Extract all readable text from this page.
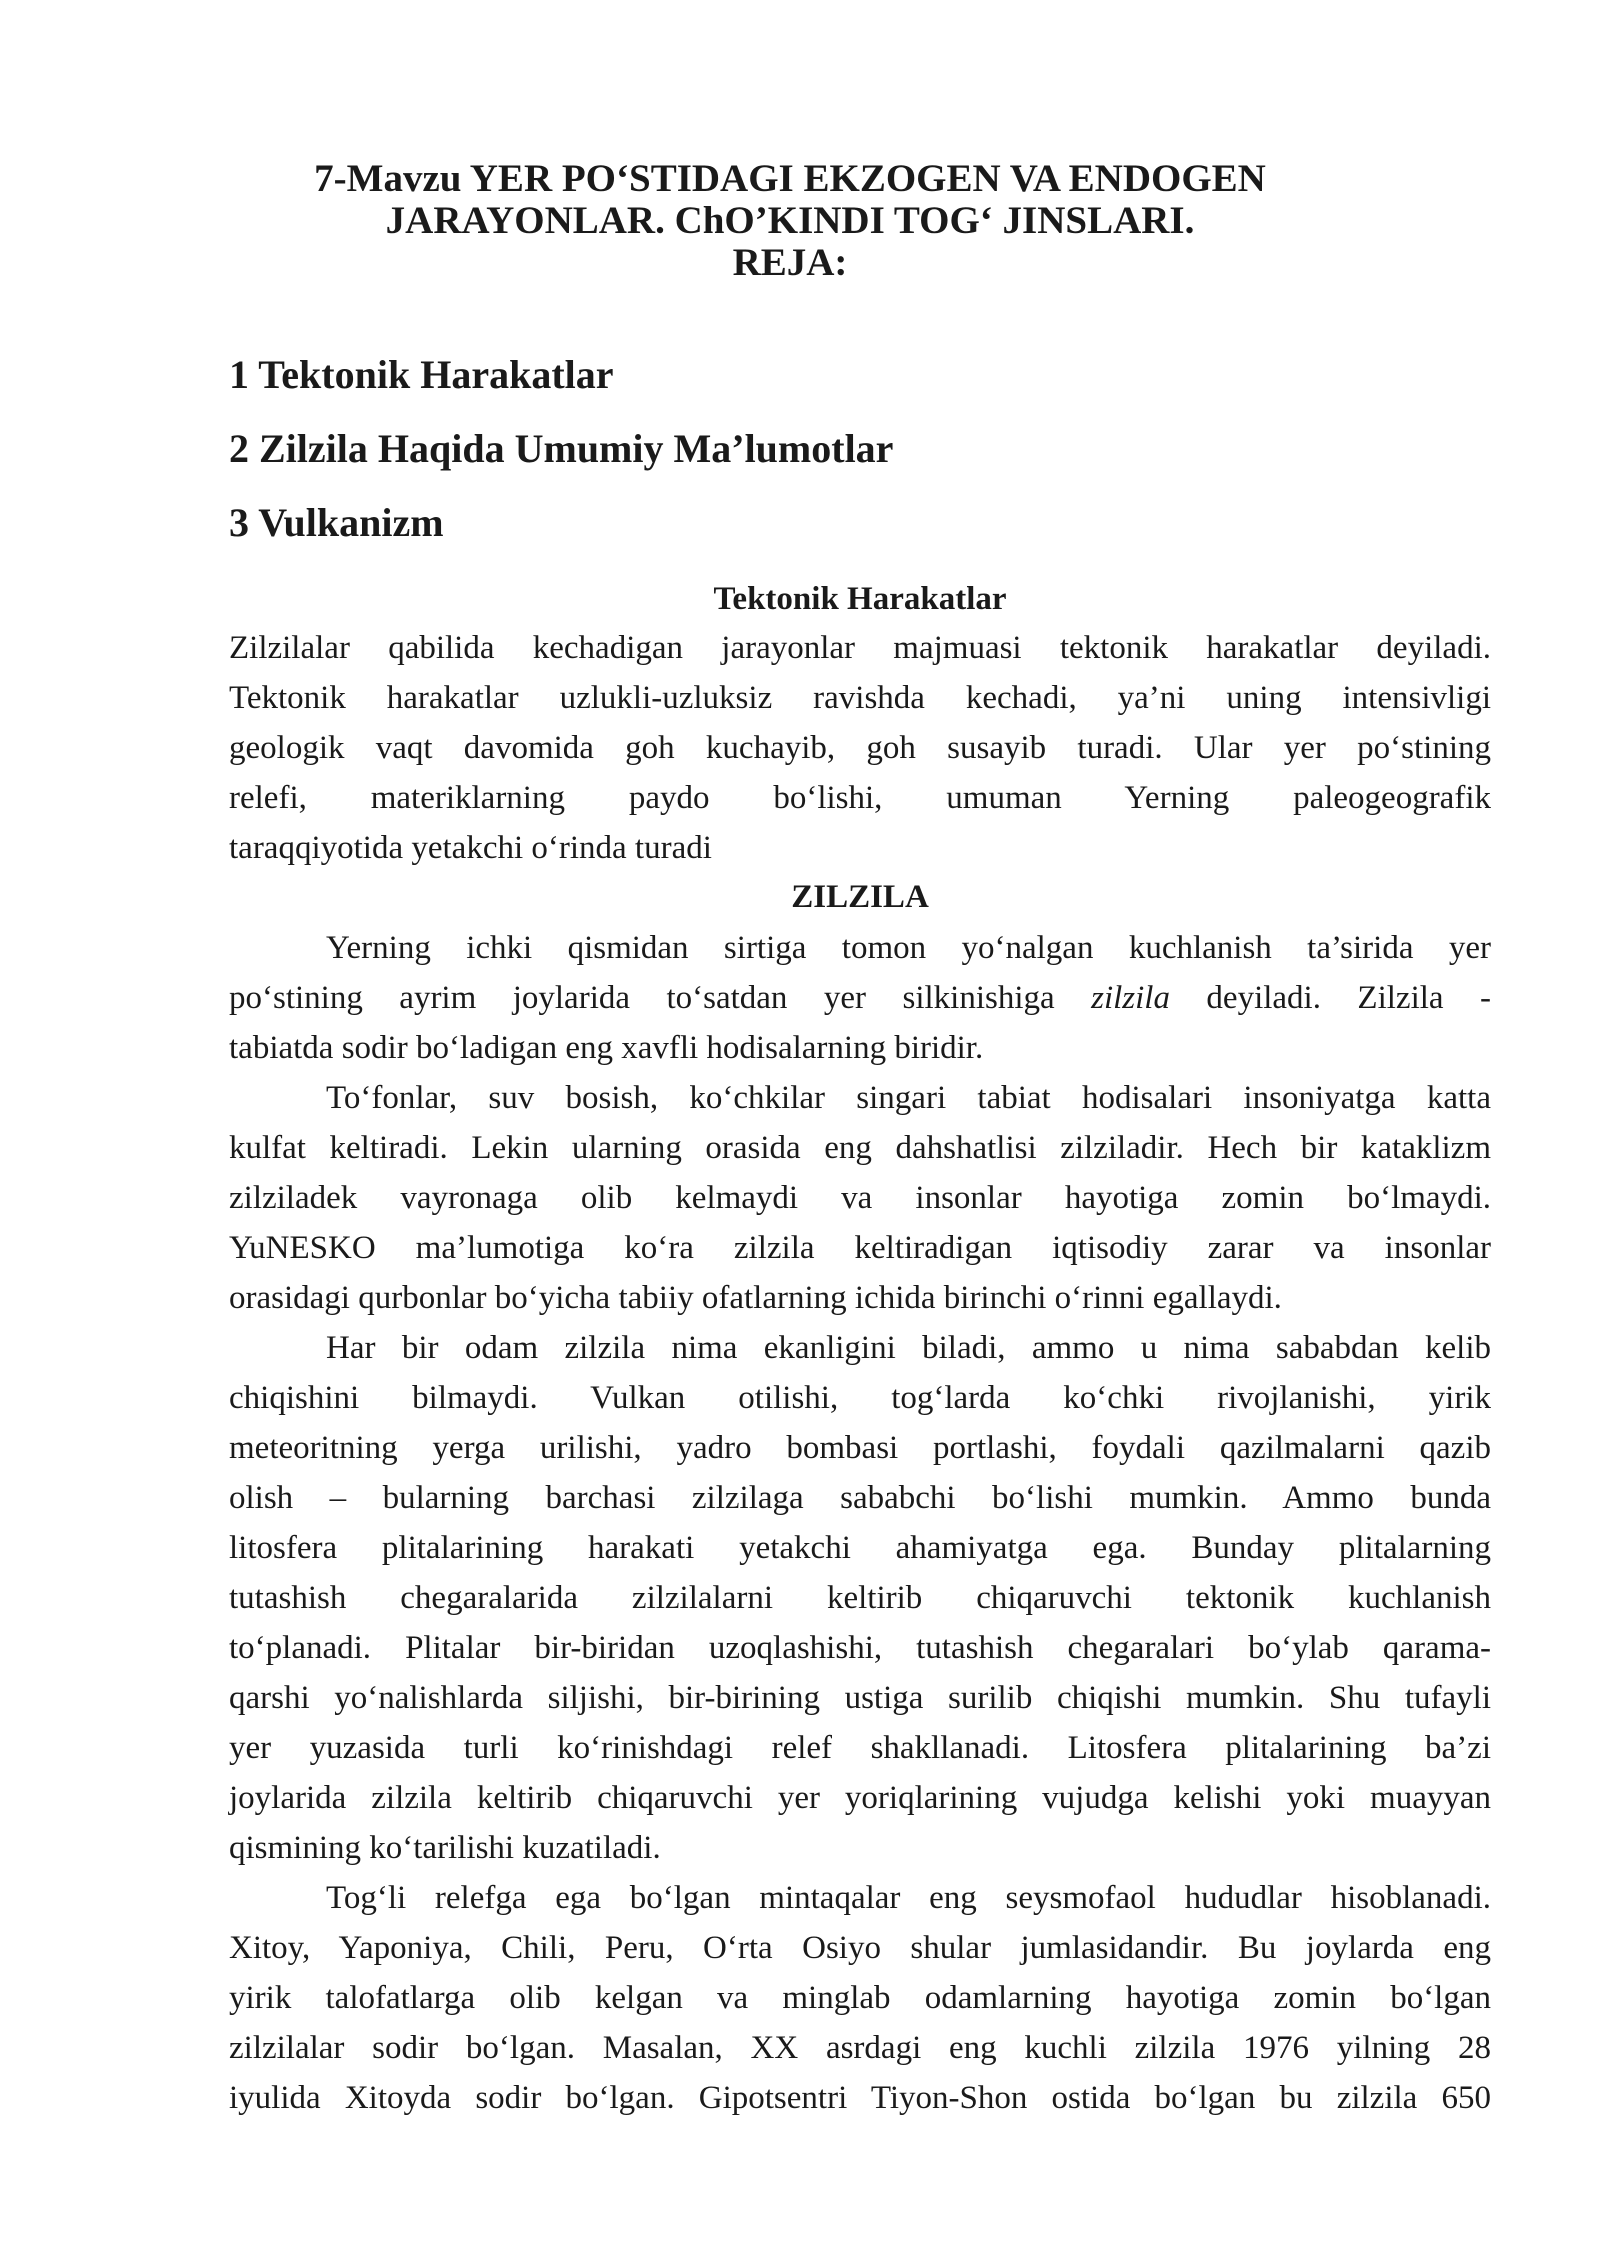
7-Mavzu YER PO‘STIDAGI EKZOGEN VA ENDOGEN
JARAYONLAR. ChO’KINDI TOG‘ JINSLARI.
REJA:
1 Tektonik Harakatlar
2 Zilzila Haqida Umumiy Ma’lumotlar
3 Vulkanizm
Tektonik Harakatlar
Zilzilalar qabilida kechadigan jarayonlar majmuasi tektonik harakatlar deyiladi.
Tektonik harakatlar uzlukli-uzluksiz ravishda kechadi, ya’ni uning intensivligi
geologik vaqt davomida goh kuchayib, goh susayib turadi. Ular yer po‘stining
relefi, materiklarning paydo bo‘lishi, umuman Yerning paleogeografik
taraqqiyotida yetakchi o‘rinda turadi
ZILZILA
Yerning ichki qismidan sirtiga tomon yo‘nalgan kuchlanish ta’sirida yer
po‘stining ayrim joylarida to‘satdan yer silkinishiga zilzila deyiladi. Zilzila -
tabiatda sodir bo‘ladigan eng xavfli hodisalarning biridir.
To‘fonlar, suv bosish, ko‘chkilar singari tabiat hodisalari insoniyatga katta
kulfat keltiradi. Lekin ularning orasida eng dahshatlisi zilziladir. Hech bir kataklizm
zilziladek vayronaga olib kelmaydi va insonlar hayotiga zomin bo‘lmaydi.
YuNESKO ma’lumotiga ko‘ra zilzila keltiradigan iqtisodiy zarar va insonlar
orasidagi qurbonlar bo‘yicha tabiiy ofatlarning ichida birinchi o‘rinni egallaydi.
Har bir odam zilzila nima ekanligini biladi, ammo u nima sababdan kelib
chiqishini bilmaydi. Vulkan otilishi, tog‘larda ko‘chki rivojlanishi, yirik
meteoritning yerga urilishi, yadro bombasi portlashi, foydali qazilmalarni qazib
olish – bularning barchasi zilzilaga sababchi bo‘lishi mumkin. Ammo bunda
litosfera plitalarining harakati yetakchi ahamiyatga ega. Bunday plitalarning
tutashish chegaralarida zilzilalarni keltirib chiqaruvchi tektonik kuchlanish
to‘planadi. Plitalar bir-biridan uzoqlashishi, tutashish chegaralari bo‘ylab qarama-
qarshi yo‘nalishlarda siljishi, bir-birining ustiga surilib chiqishi mumkin. Shu tufayli
yer yuzasida turli ko‘rinishdagi relef shakllanadi. Litosfera plitalarining ba’zi
joylarida zilzila keltirib chiqaruvchi yer yoriqlarining vujudga kelishi yoki muayyan
qismining ko‘tarilishi kuzatiladi.
Tog‘li relefga ega bo‘lgan mintaqalar eng seysmofaol hududlar hisoblanadi.
Xitoy, Yaponiya, Chili, Peru, O‘rta Osiyo shular jumlasidandir. Bu joylarda eng
yirik talofatlarga olib kelgan va minglab odamlarning hayotiga zomin bo‘lgan
zilzilalar sodir bo‘lgan. Masalan, XX asrdagi eng kuchli zilzila 1976 yilning 28
iyulida Xitoyda sodir bo‘lgan. Gipotsentri Tiyon-Shon ostida bo‘lgan bu zilzila 650
